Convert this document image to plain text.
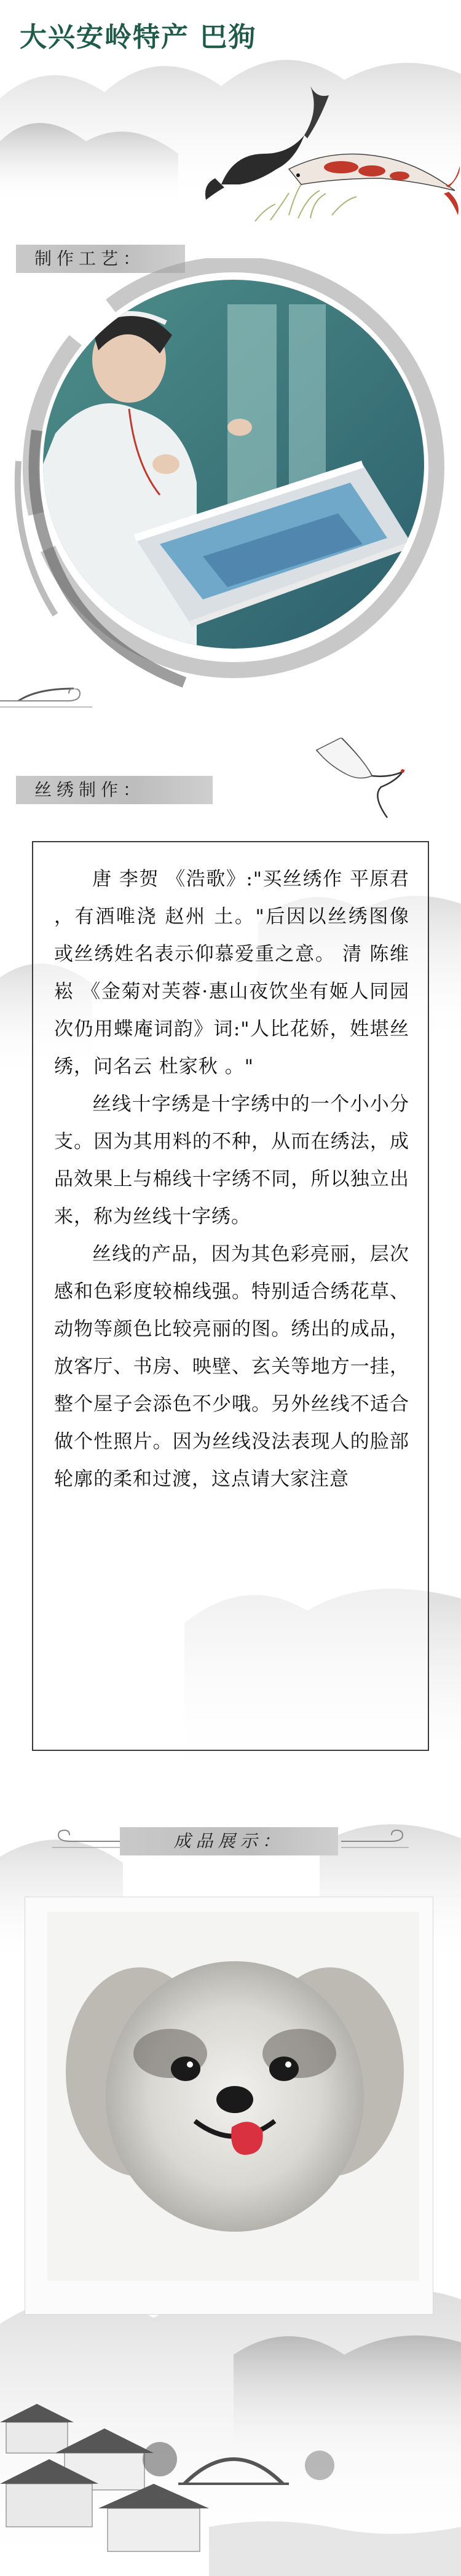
大兴安岭特产 巴狗
制作工艺：
丝绣制作：

唐 李贺 《浩歌》:"买丝绣作 平原君 ，有酒唯浇 赵州 土。"后因以丝绣图像或丝绣姓名表示仰慕爱重之意。 清 陈维崧 《金菊对芙蓉·惠山夜饮坐有姬人同园次仍用蝶庵词韵》词:"人比花娇，姓堪丝绣，问名云 杜家秋 。"

丝线十字绣是十字绣中的一个小小分支。因为其用料的不种，从而在绣法，成品效果上与棉线十字绣不同，所以独立出来，称为丝线十字绣。

丝线的产品，因为其色彩亮丽，层次感和色彩度较棉线强。特别适合绣花草、动物等颜色比较亮丽的图。绣出的成品，放客厅、书房、映壁、玄关等地方一挂，整个屋子会添色不少哦。另外丝线不适合做个性照片。因为丝线没法表现人的脸部轮廓的柔和过渡，这点请大家注意

成品展示：
